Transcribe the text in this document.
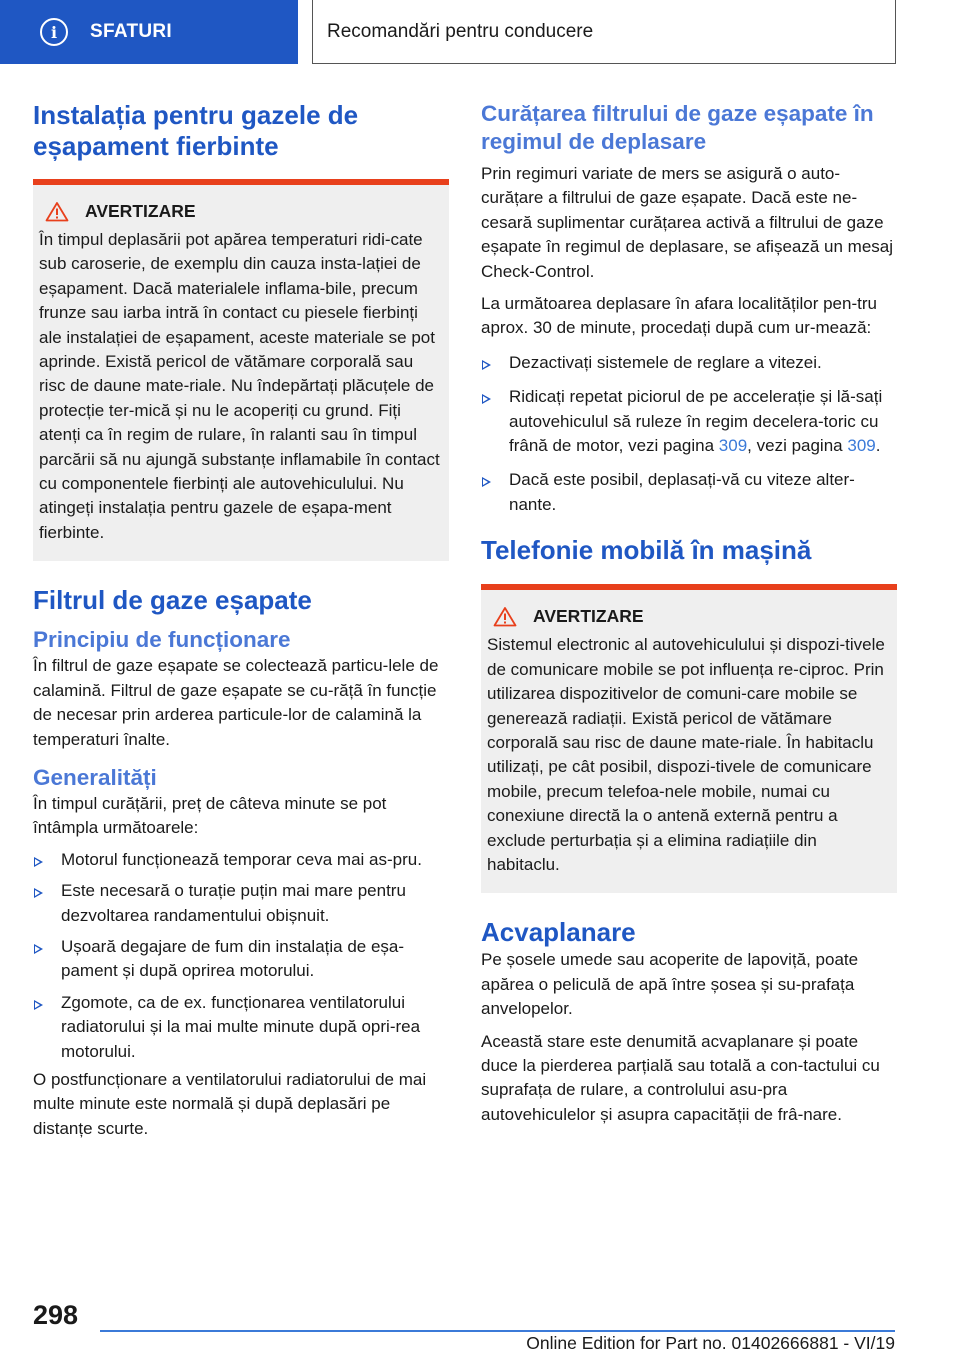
i	SFATURI	Recomandări pentru conducere
Instalația pentru gazele de eșapament fierbinte
AVERTIZARE

În timpul deplasării pot apărea temperaturi ridi-cate sub caroserie, de exemplu din cauza insta-lației de eșapament. Dacă materialele inflama-bile, precum frunze sau iarba intră în contact cu piesele fierbinți ale instalației de eșapament, aceste materiale se pot aprinde. Există pericol de vătămare corporală sau risc de daune mate-riale. Nu îndepărtați plăcuțele de protecție ter-mică și nu le acoperiți cu grund. Fiți atenți ca în regim de rulare, în ralanti sau în timpul parcării să nu ajungă substanțe inflamabile în contact cu componentele fierbinți ale autovehiculului. Nu atingeți instalația pentru gazele de eșapa-ment fierbinte.

Filtrul de gaze eșapate
Principiu de funcționare

În filtrul de gaze eșapate se colectează particu-lele de calamină. Filtrul de gaze eșapate se cu-rățã în funcție de necesar prin arderea particule-lor de calamină la temperaturi înalte.

Generalități

În timpul curățării, preț de câteva minute se pot întâmpla următoarele:

Motorul funcționează temporar ceva mai as-pru.
Este necesară o turație puțin mai mare pentru dezvoltarea randamentului obișnuit.
Ușoară degajare de fum din instalația de eșa-pament și după oprirea motorului.
Zgomote, ca de ex. funcționarea ventilatorului radiatorului și la mai multe minute după opri-rea motorului.

O postfuncționare a ventilatorului radiatorului de mai multe minute este normală și după deplasări pe distanțe scurte.

Curățarea filtrului de gaze eșapate în regimul de deplasare

Prin regimuri variate de mers se asigură o auto-curățare a filtrului de gaze eșapate. Dacă este ne-cesară suplimentar curățarea activă a filtrului de gaze eșapate în regimul de deplasare, se afișează un mesaj Check-Control.

La următoarea deplasare în afara localităților pen-tru aprox. 30 de minute, procedați după cum ur-mează:

Dezactivați sistemele de reglare a vitezei.
Ridicați repetat piciorul de pe accelerație și lă-sați autovehiculul să ruleze în regim decelera-toric cu frână de motor, vezi pagina 309, vezi pagina 309.
Dacă este posibil, deplasați-vă cu viteze alter-nante.
Telefonie mobilă în mașină
AVERTIZARE

Sistemul electronic al autovehiculului și dispozi-tivele de comunicare mobile se pot influența re-ciproc. Prin utilizarea dispozitivelor de comuni-care mobile se generează radiații. Există pericol de vătămare corporală sau risc de daune mate-riale. În habitaclu utilizați, pe cât posibil, dispozi-tivele de comunicare mobile, precum telefoa-nele mobile, numai cu conexiune directă la o antenă externă pentru a exclude perturbația și a elimina radiațiile din habitaclu.

Acvaplanare

Pe șosele umede sau acoperite de lapoviță, poate apărea o peliculă de apă între șosea și su-prafața anvelopelor.

Această stare este denumită acvaplanare și poate duce la pierderea parțială sau totală a con-tactului cu suprafața de rulare, a controlului asu-pra autovehiculelor și asupra capacității de frâ-nare.

298
Online Edition for Part no. 01402666881 - VI/19
